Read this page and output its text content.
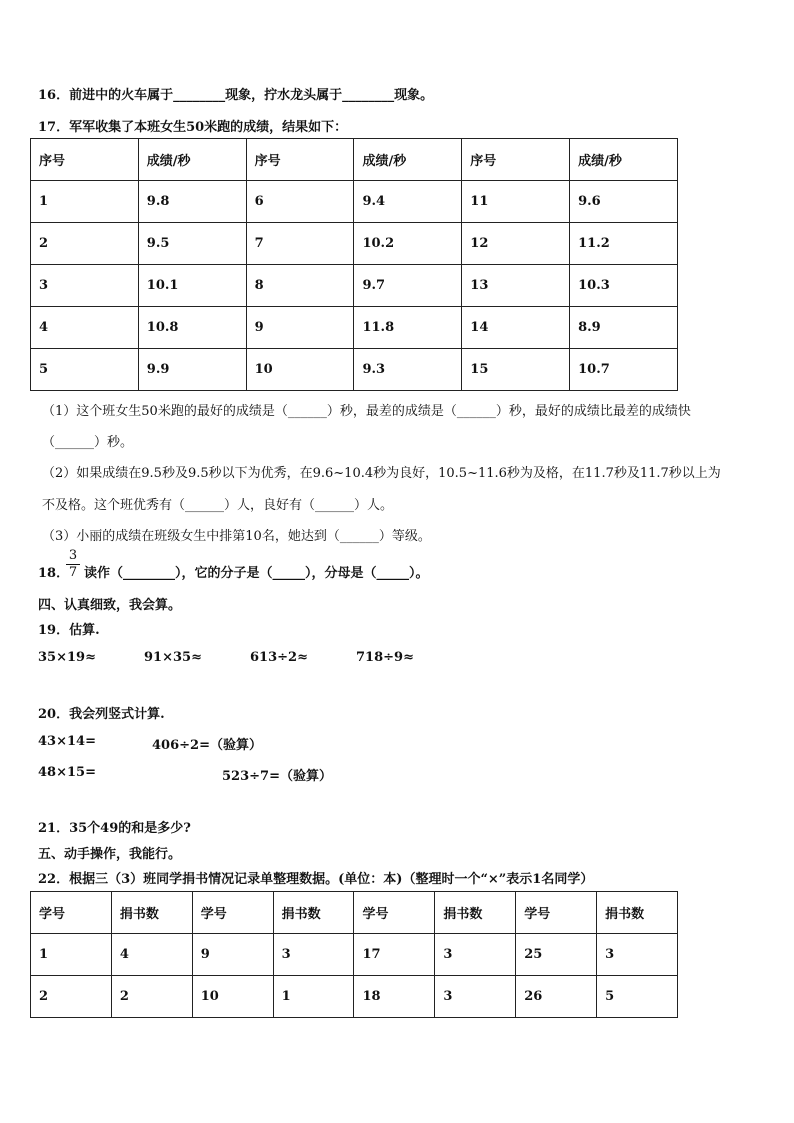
16．前进中的火车属于________现象，拧水龙头属于________现象。
17．军军收集了本班女生50米跑的成绩，结果如下：
序号	成绩/秒	序号	成绩/秒	序号	成绩/秒
1	9.8	6	9.4	11	9.6
2	9.5	7	10.2	12	11.2
3	10.1	8	9.7	13	10.3
4	10.8	9	11.8	14	8.9
5	9.9	10	9.3	15	10.7
（1）这个班女生50米跑的最好的成绩是（______）秒，最差的成绩是（______）秒，最好的成绩比最差的成绩快
（______）秒。
（2）如果成绩在9.5秒及9.5秒以下为优秀，在9.6~10.4秒为良好，10.5~11.6秒为及格，在11.7秒及11.7秒以上为
不及格。这个班优秀有（______）人，良好有（______）人。
（3）小丽的成绩在班级女生中排第10名，她达到（______）等级。
18．
3
7 读作（________），它的分子是（_____），分母是（_____）。
四、认真细致，我会算。
19．估算.
35×19≈	91×35≈	613÷2≈	718÷9≈
20．我会列竖式计算.
43×14=	406÷2=（验算）
48×15=	523÷7=（验算）
21．35个49的和是多少?
五、动手操作，我能行。
22．根据三（3）班同学捐书情况记录单整理数据。(单位：本)（整理时一个“×”表示1名同学）
学号	捐书数	学号	捐书数	学号	捐书数	学号	捐书数
1	4	9	3	17	3	25	3
2	2	10	1	18	3	26	5
